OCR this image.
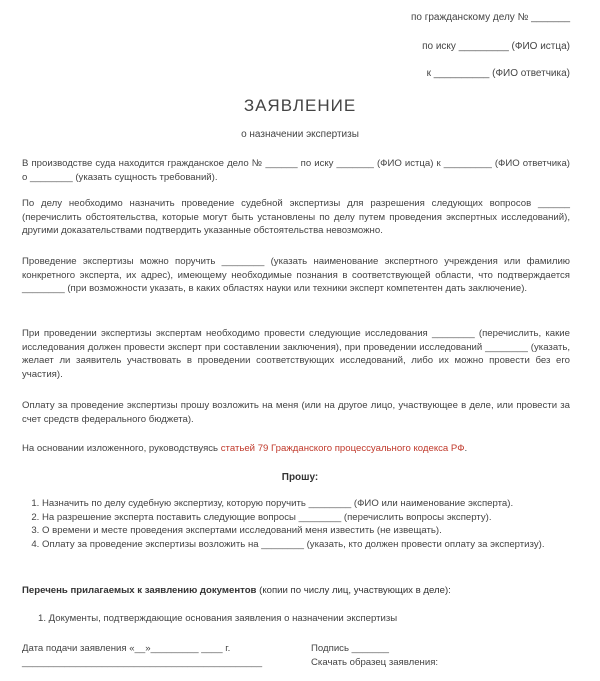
по гражданскому делу № _______
по иску _________ (ФИО истца)
к __________ (ФИО ответчика)
ЗАЯВЛЕНИЕ
о назначении экспертизы
В производстве суда находится гражданское дело № ______ по иску _______ (ФИО истца) к _________ (ФИО ответчика) о ________ (указать сущность требований).
По делу необходимо назначить проведение судебной экспертизы для разрешения следующих вопросов ______ (перечислить обстоятельства, которые могут быть установлены по делу путем проведения экспертных исследований), другими доказательствами подтвердить указанные обстоятельства невозможно.
Проведение экспертизы можно поручить ________ (указать наименование экспертного учреждения или фамилию конкретного эксперта, их адрес), имеющему необходимые познания в соответствующей области, что подтверждается ________ (при возможности указать, в каких областях науки или техники эксперт компетентен дать заключение).
При проведении экспертизы экспертам необходимо провести следующие исследования ________ (перечислить, какие исследования должен провести эксперт при составлении заключения), при проведении исследований ________ (указать, желает ли заявитель участвовать в проведении соответствующих исследований, либо их можно провести без его участия).
Оплату за проведение экспертизы прошу возложить на меня (или на другое лицо, участвующее в деле, или провести за счет средств федерального бюджета).
На основании изложенного, руководствуясь статьей 79 Гражданского процессуального кодекса РФ.
Прошу:
1. Назначить по делу судебную экспертизу, которую поручить ________ (ФИО или наименование эксперта).
2. На разрешение эксперта поставить следующие вопросы ________ (перечислить вопросы эксперту).
3. О времени и месте проведения экспертами исследований меня известить (не извещать).
4. Оплату за проведение экспертизы возложить на ________ (указать, кто должен провести оплату за экспертизу).
Перечень прилагаемых к заявлению документов (копии по числу лиц, участвующих в деле):
1. Документы, подтверждающие основания заявления о назначении экспертизы
Дата подачи заявления «__»_________ ____ г.	Подпись _______
_____________________________________________	Скачать образец заявления:
